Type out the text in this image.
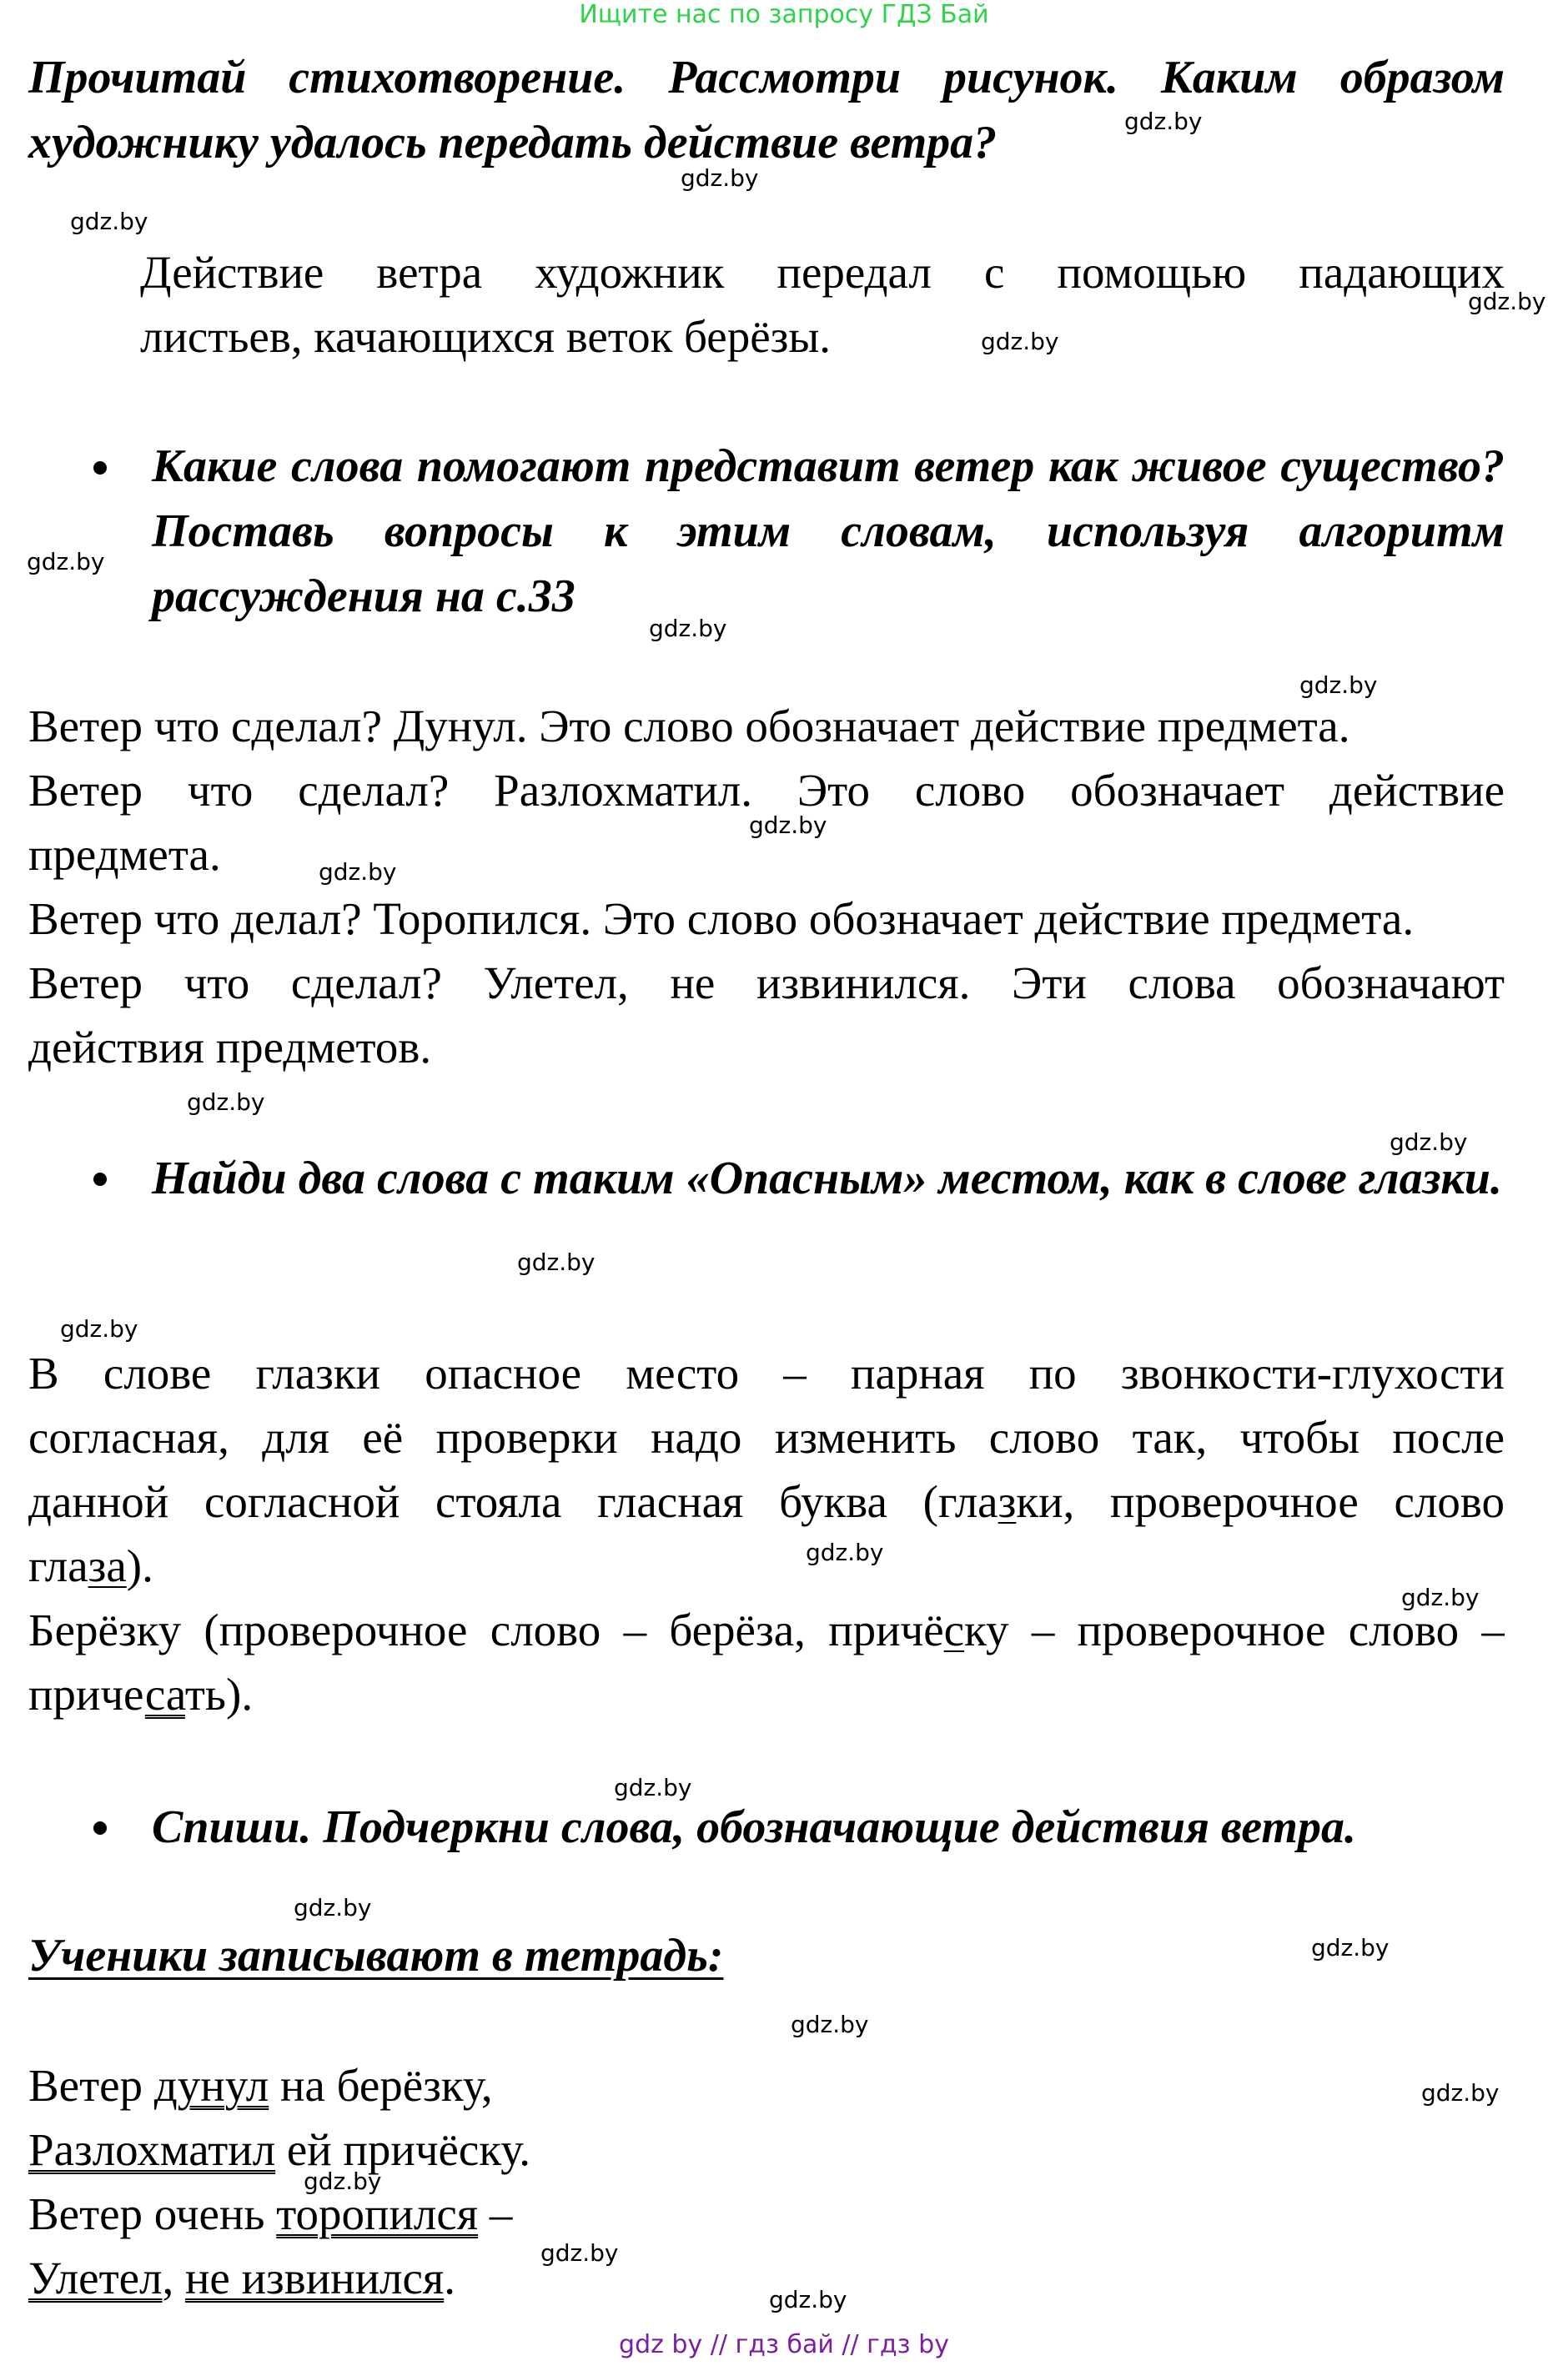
Ищите нас по запросу ГДЗ Бай
Прочитай стихотворение. Рассмотри рисунок. Каким образом художнику удалось передать действие ветра?	gdz.by
gdz.by
gdz.by
Действие ветра художник передал с помощью падающих
gdz.by
листьев, качающихся веток берёзы.	gdz.by
Какие слова помогают представит ветер как живое существо? Поставь вопросы к этим словам, используя алгоритм рассуждения на с.33
gdz.by
gdz.by
gdz.by
Ветер что сделал? Дунул. Это слово обозначает действие предмета.
Ветер что сделал? Разлохматил. Это слово обозначает действие
gdz.by
предмета.	gdz.by
Ветер что делал? Торопился. Это слово обозначает действие предмета.
Ветер что сделал? Улетел, не извинился. Эти слова обозначают
действия предметов.
gdz.by
gdz.by
Найди два слова с таким «Опасным» местом, как в слове глазки.
gdz.by
gdz.by
В слове глазки опасное место – парная по звонкости-глухости
согласная, для её проверки надо изменить слово так, чтобы после
данной согласной стояла гласная буква (глазки, проверочное слово
gdz.by
глаза).
gdz.by
Берёзку (проверочное слово – берёза, причёску – проверочное слово –
причесать).
gdz.by
Спиши. Подчеркни слова, обозначающие действия ветра.
gdz.by
Ученики записывают в тетрадь:	gdz.by
gdz.by
Ветер дунул на берёзку,	gdz.by
Разлохматил ей причёску.
gdz.by
Ветер очень торопился –
gdz.by
Улетел, не извинился.	gdz.by
gdz by // гдз бай // гдз by
